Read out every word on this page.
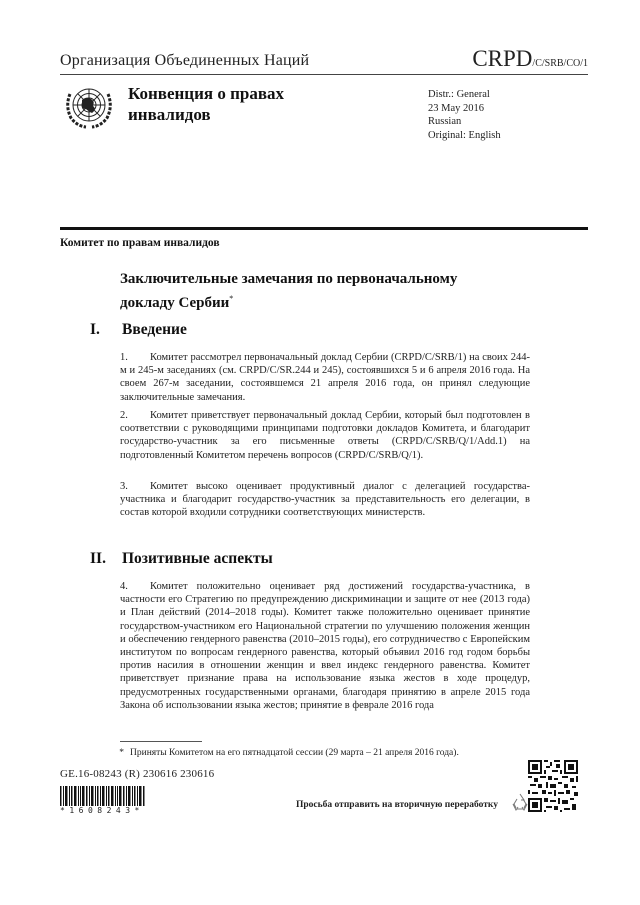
Организация Объединенных Наций	CRPD/C/SRB/CO/1
Конвенция о правах
инвалидов
Distr.: General
23 May 2016
Russian
Original: English
Комитет по правам инвалидов
Заключительные замечания по первоначальному
докладу Сербии*
I. Введение
1. Комитет рассмотрел первоначальный доклад Сербии (CRPD/C/SRB/1) на своих 244-м и 245-м заседаниях (см. CRPD/C/SR.244 и 245), состоявшихся 5 и 6 апреля 2016 года. На своем 267-м заседании, состоявшемся 21 апреля 2016 года, он принял следующие заключительные замечания.
2. Комитет приветствует первоначальный доклад Сербии, который был подготовлен в соответствии с руководящими принципами подготовки докладов Комитета, и благодарит государство-участник за его письменные ответы (CRPD/C/SRB/Q/1/Add.1) на подготовленный Комитетом перечень вопросов (CRPD/C/SRB/Q/1).
3. Комитет высоко оценивает продуктивный диалог с делегацией государства-участника и благодарит государство-участник за представительность его делегации, в состав которой входили сотрудники соответствующих министерств.
II. Позитивные аспекты
4. Комитет положительно оценивает ряд достижений государства-участника, в частности его Стратегию по предупреждению дискриминации и защите от нее (2013 года) и План действий (2014–2018 годы). Комитет также положительно оценивает принятие государством-участником его Национальной стратегии по улучшению положения женщин и обеспечению гендерного равенства (2010–2015 годы), его сотрудничество с Европейским институтом по вопросам гендерного равенства, который объявил 2016 год годом борьбы против насилия в отношении женщин и ввел индекс гендерного равенства. Комитет приветствует признание права на использование языка жестов в ходе процедур, предусмотренных государственными органами, благодаря принятию в апреле 2015 года Закона об использовании языка жестов; принятие в феврале 2016 года
* Приняты Комитетом на его пятнадцатой сессии (29 марта – 21 апреля 2016 года).
GE.16-08243 (R) 230616 230616
*1608243*
Просьба отправить на вторичную переработку
